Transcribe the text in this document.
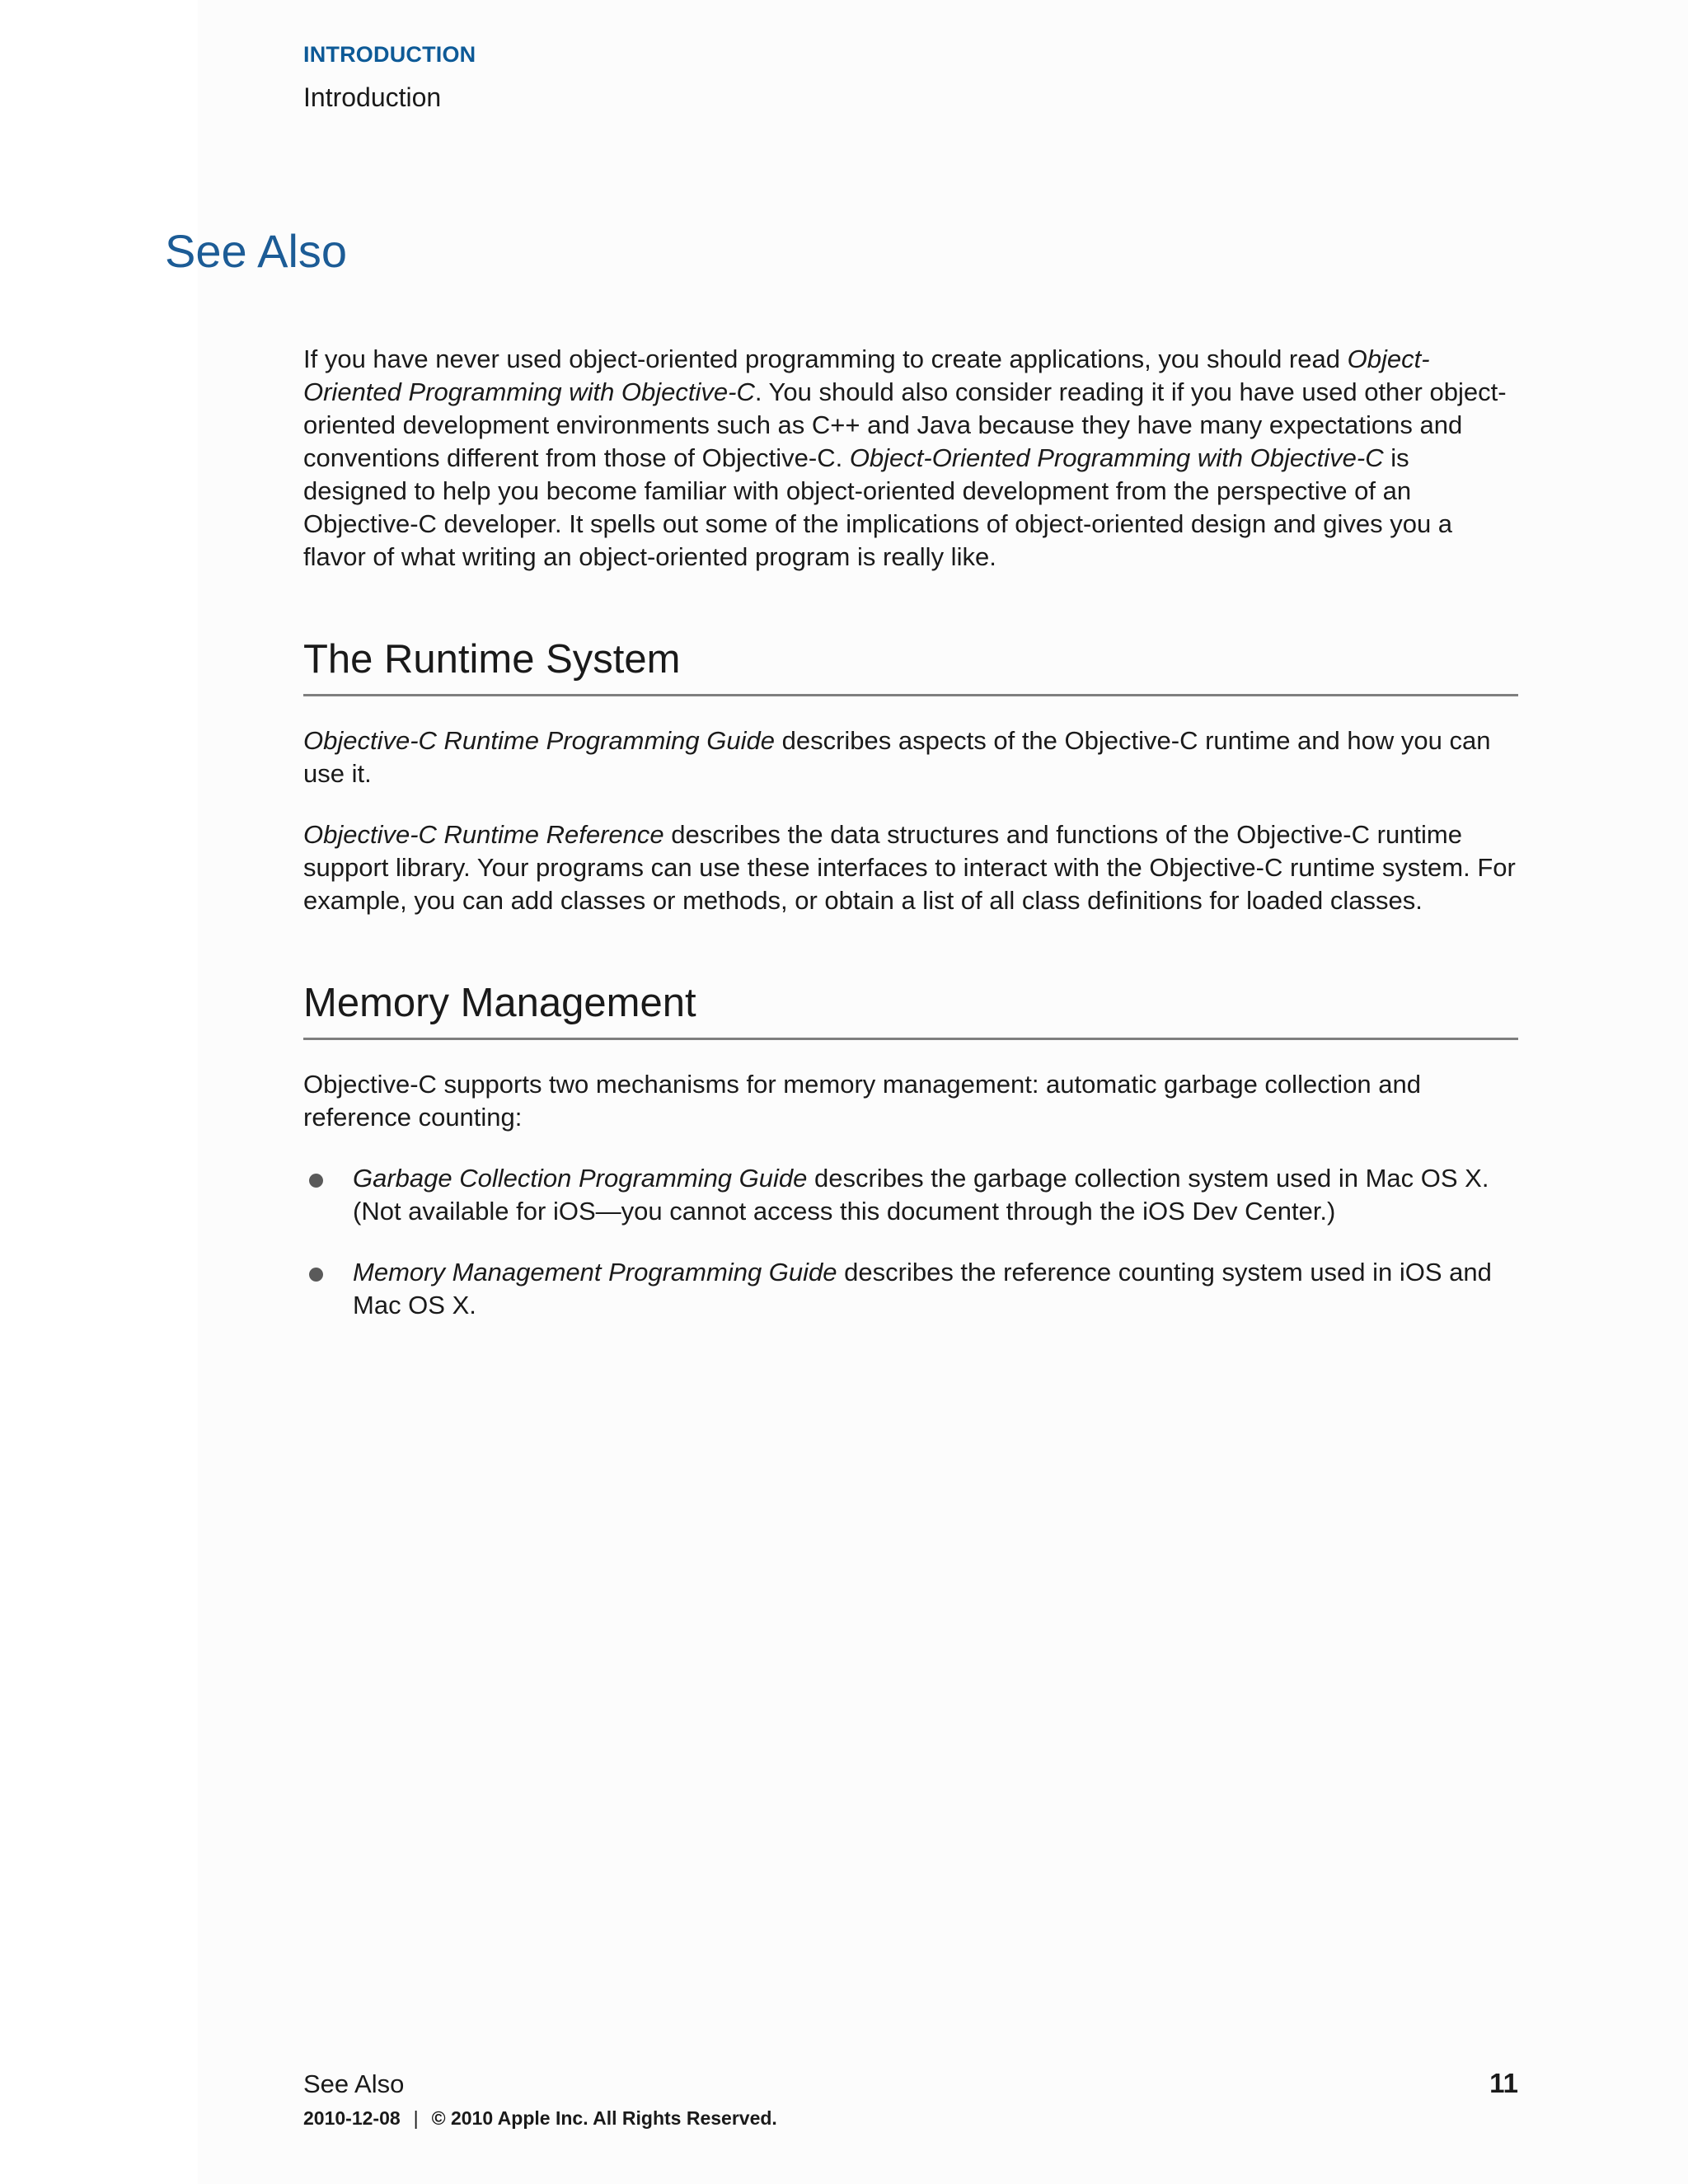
INTRODUCTION
Introduction
See Also

If you have never used object-oriented programming to create applications, you should read Object-Oriented Programming with Objective-C. You should also consider reading it if you have used other object-oriented development environments such as C++ and Java because they have many expectations and conventions different from those of Objective-C. Object-Oriented Programming with Objective-C is designed to help you become familiar with object-oriented development from the perspective of an Objective-C developer. It spells out some of the implications of object-oriented design and gives you a flavor of what writing an object-oriented program is really like.

The Runtime System

Objective-C Runtime Programming Guide describes aspects of the Objective-C runtime and how you can use it.

Objective-C Runtime Reference describes the data structures and functions of the Objective-C runtime support library. Your programs can use these interfaces to interact with the Objective-C runtime system. For example, you can add classes or methods, or obtain a list of all class definitions for loaded classes.

Memory Management

Objective-C supports two mechanisms for memory management: automatic garbage collection and reference counting:

Garbage Collection Programming Guide describes the garbage collection system used in Mac OS X. (Not available for iOS—you cannot access this document through the iOS Dev Center.)
Memory Management Programming Guide describes the reference counting system used in iOS and Mac OS X.
See Also	11
2010-12-08 | © 2010 Apple Inc. All Rights Reserved.
